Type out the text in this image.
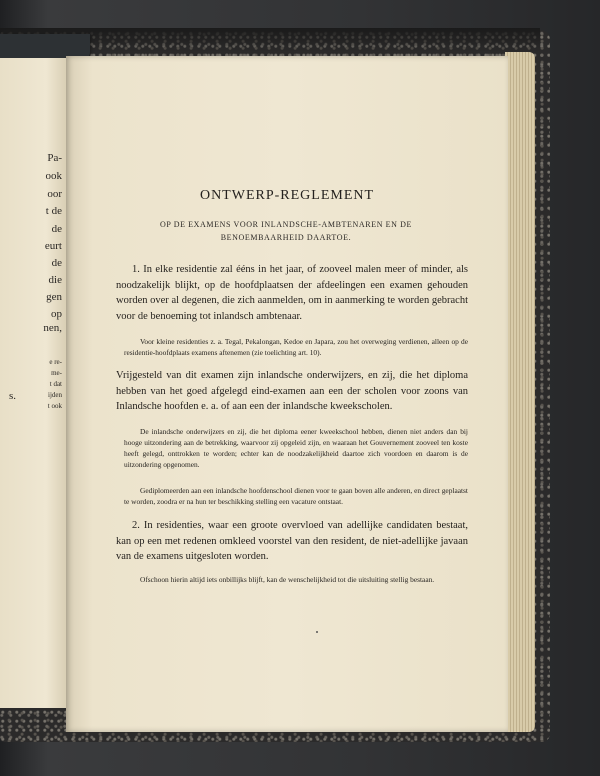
Pa-
ook
oor
t de
de
eurt
de
die
gen
op
nen,
e re-
me-
t dat
ijden
t ook
s.
ONTWERP-REGLEMENT
OP DE EXAMENS VOOR INLANDSCHE-AMBTENAREN EN DE
BENOEMBAARHEID DAARTOE.
1. In elke residentie zal ééns in het jaar, of zooveel malen meer of minder, als noodzakelijk blijkt, op de hoofdplaatsen der afdeelingen een examen gehouden worden over al degenen, die zich aanmelden, om in aanmerking te worden gebracht voor de benoeming tot inlandsch ambtenaar.
Voor kleine residenties z. a. Tegal, Pekalongan, Kedoe en Japara, zou het overweging verdienen, alleen op de residentie-hoofdplaats examens aftenemen (zie toelichting art. 10).
Vrijgesteld van dit examen zijn inlandsche onderwijzers, en zij, die het diploma hebben van het goed afgelegd eind-examen aan een der scholen voor zoons van Inlandsche hoofden e. a. of aan een der inlandsche kweekscholen.
De inlandsche onderwijzers en zij, die het diploma eener kweekschool hebben, dienen niet anders dan bij hooge uitzondering aan de betrekking, waarvoor zij opgeleid zijn, en waaraan het Gouvernement zooveel ten koste heeft gelegd, onttrokken te worden; echter kan de noodzakelijkheid daartoe zich voordoen en daarom is de uitzondering opgenomen.
Gediplomeerden aan een inlandsche hoofdenschool dienen voor te gaan boven alle anderen, en direct geplaatst te worden, zoodra er na hun ter beschikking stelling een vacature ontstaat.
2. In residenties, waar een groote overvloed van adellijke candidaten bestaat, kan op een met redenen omkleed voorstel van den resident, de niet-adellijke javaan van de examens uitgesloten worden.
Ofschoon hierin altijd iets onbillijks blijft, kan de wenschelijkheid tot die uitsluiting stellig bestaan.
